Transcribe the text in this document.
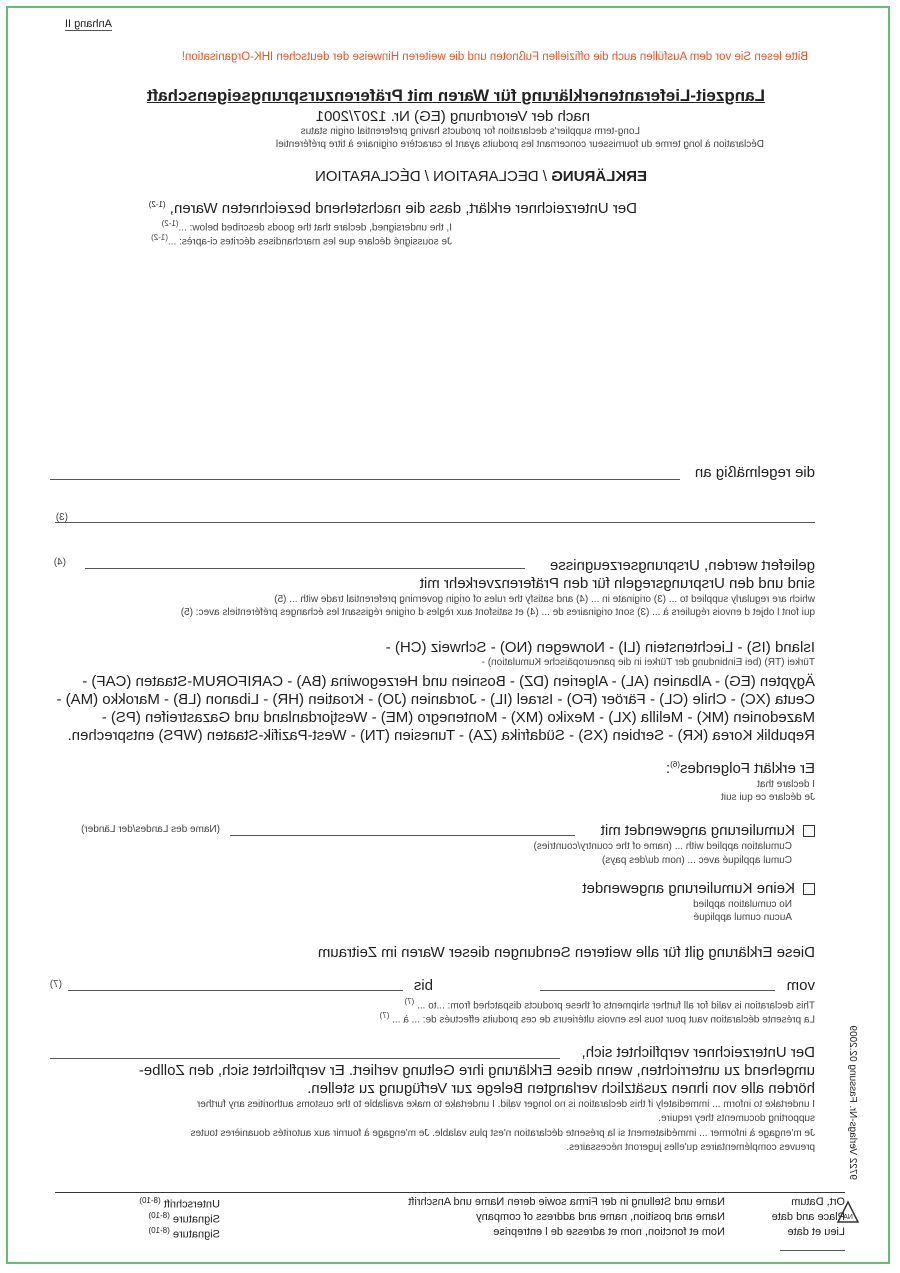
Anhang II
Bitte lesen Sie vor dem Ausfüllen auch die offiziellen Fußnoten und die weiteren Hinweise der deutschen IHK-Organisation!
Langzeit-Lieferantenerklärung für Waren mit Präferenzursprungseigenschaft
nach der Verordnung (EG) Nr. 1207/2001
Long-term supplier's declaration for products having preferential origin status
Déclaration à long terme du fournisseur concernant les produits ayant le caractère originaire à titre préférentiel
ERKLÄRUNG / DECLARATION / DÉCLARATION
Der Unterzeichner erklärt, dass die nachstehend bezeichneten Waren, $^{(1-2)}$
I, the undersigned, declare that the goods described below: ...$^{(1-2)}$
Je soussigné déclare que les marchandises décrites ci-après: ...$^{(1-2)}$
die regelmäßig an
(3)
geliefert werden, Ursprungserzeugnisse
(4)
sind und den Ursprungsregeln für den Präferenzverkehr mit
which are regularly supplied to ... (3) originate in ... (4) and satisfy the rules of origin governing preferential trade with ... (5)
qui font l objet d envois réguliers à ... (3) sont originaires de ... (4) et satisfont aux règles d origine régissant les échanges préférentiels avec: (5)
Island (IS) - Liechtenstein (LI) - Norwegen (NO) - Schweiz (CH) -
Türkei (TR) (bei Einbindung der Türkei in die paneuropäische Kumulation) -
Ägypten (EG) - Albanien (AL) - Algerien (DZ) - Bosnien und Herzegowina (BA) - CARIFORUM-Staaten (CAF) -
Ceuta (XC) - Chile (CL) - Färöer (FO) - Israel (IL) - Jordanien (JO) - Kroatien (HR) - Libanon (LB) - Marokko (MA) -
Mazedonien (MK) - Melilla (XL) - Mexiko (MX) - Montenegro (ME) - Westjordanland und Gazastreifen (PS) -
Republik Korea (KR) - Serbien (XS) - Südafrika (ZA) - Tunesien (TN) - West-Pazifik-Staaten (WPS) entsprechen.
Er erklärt Folgendes$^{(6)}$:
I declare that
Je déclare ce qui suit
Kumulierung angewendet mit
(Name des Landes/der Länder)
Cumulation applied with ... (name of the country/countries)
Cumul appliqué avec ... (nom du/des pays)
Keine Kumulierung angewendet
No cumulation applied
Aucun cumul appliqué
Diese Erklärung gilt für alle weiteren Sendungen dieser Waren im Zeitraum
vom
bis
(7)
This declaration is valid for all further shipments of these products dispatched from: ...to ... $^{(7)}$
La présente déclaration vaut pour tous les envois ultérieurs de ces produits effectués de: ... à ... $^{(7)}$
Der Unterzeichner verpflichtet sich,
umgehend zu unterrichten, wenn diese Erklärung ihre Geltung verliert. Er verpflichtet sich, den Zollbe-
hörden alle von ihnen zusätzlich verlangten Belege zur Verfügung zu stellen.
I undertake to inform ... immediately if this declaration is no longer valid. I undertake to make available to the customs authorities any further
supporting documents they require.
Je m'engage à informer ... immédiatement si la présente déclaration n'est plus valable. Je m'engage à fournir aux autorités douanières toutes
preuves complémentaires qu'elles jugeront nécessaires.
Ort, Datum
Place and date
Lieu et date
Name und Stellung in der Firma sowie deren Name und Anschrift
Name and position, name and address of company
Nom et fonction, nom et adresse de l entreprise
Unterschrift $^{(8-10)}$
Signature $^{(8-10)}$
Signature $^{(8-10)}$
9722 Verlags-Nr. Fassung 02.2009
NA
